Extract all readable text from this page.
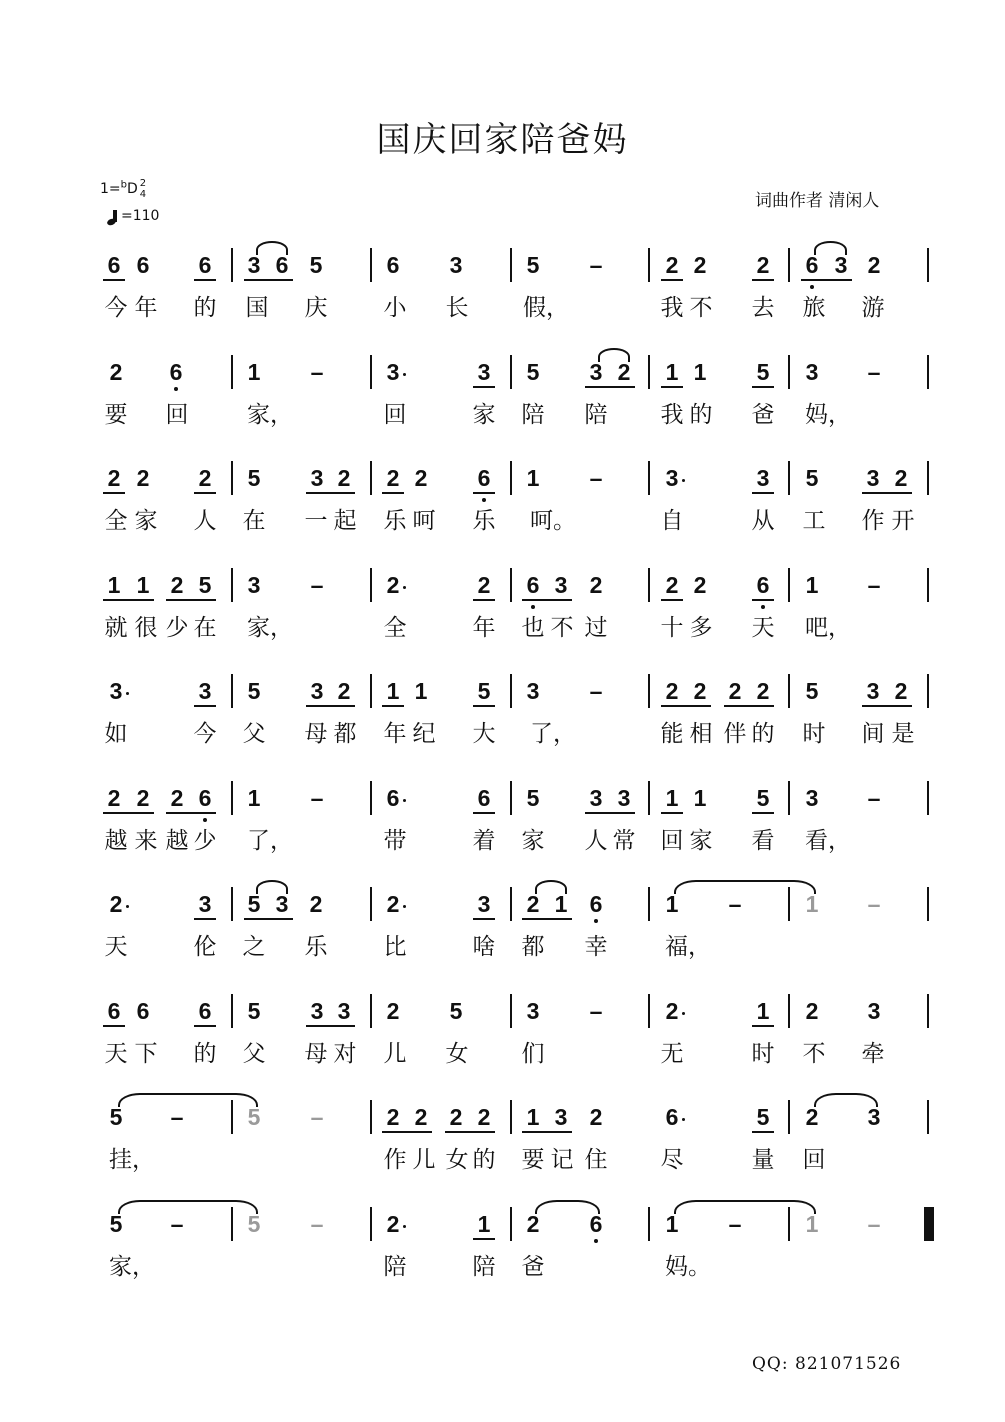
国庆回家陪爸妈
1=$^b$D 2
4
=110
词曲作者 清闲人
6 6 6 3 6 5	6 3	5 –	2 2 2 6 3 2
今 年 的 国 庆 小 长 假，	我 不 去 旅 游
2 6	1 –	3	3 5 3 2 1 1 5 3 –
要 回	家，	回	家 陪 陪 我 的 爸 妈，
2 2 2 5 3 2 2 2 6 1 –	3	3 5 3 2
全 家 人 在 一 起 乐 呵 乐 呵。	自	从 工 作 开
1 1 2 5 3 –	2	2 6 3 2	2 2 6 1 –
就 很 少 在 家，	全	年 也 不 过 十 多 天 吧，
3	3 5 3 2 1 1 5 3 –	2 2 2 2 5 3 2
如	今 父 母 都 年 纪 大 了，	能 相 伴 的 时 间 是
2 2 2 6 1 –	6	6 5 3 3 1 1 5 3 –
越 来 越 少 了，	带	着 家 人 常 回 家 看 看，
2	3 5 3 2	2	3 2 1 6	1 –	1 –
天	伦 之 乐 比	啥 都 幸	福，
6 6 6 5 3 3 2 5	3 –	2	1 2 3
天 下 的 父 母 对 儿 女 们	无	时 不 牵
5 –	5 –	2 2 2 2 1 3 2	6	5 2 3
挂，	作 儿 女 的 要 记 住 尽	量 回
5 –	5 –	2	1 2 6	1 –	1 –
家，	陪	陪 爸	妈。
QQ: 821071526
